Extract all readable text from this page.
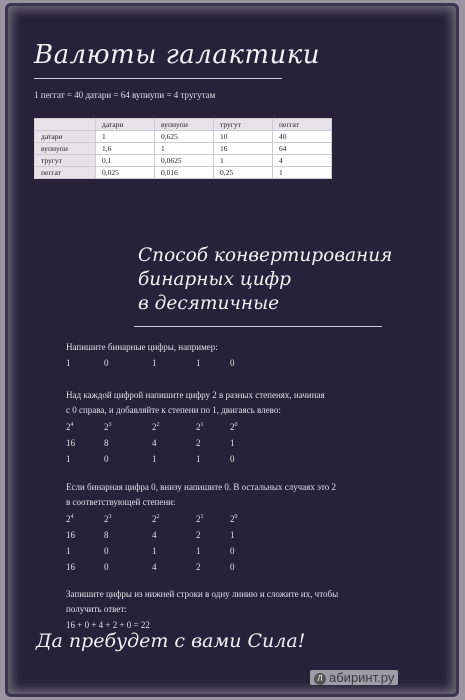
Валюты галактики
1 пеггат = 40 датари = 64 вупиупи = 4 тругутам
	датари	вупиупи	тругут	пеггат
датари	1	0,625	10	40
вупиупи	1,6	1	16	64
тругут	0,1	0,0625	1	4
пеггат	0,025	0,016	0,25	1
Способ конвертирования
бинарных цифр
в десятичные
Напишите бинарные цифры, например:
1	0	1	1	0
Над каждой цифрой напишите цифру 2 в разных степенях, начиная
с 0 справа, и добавляйте к степени по 1, двигаясь влево:
$2^4$	$2^3$	$2^2$	$2^1$	$2^0$
16	8	4	2	1
1	0	1	1	0
Если бинарная цифра 0, внизу напишите 0. В остальных случаях это 2
в соответствующей степени:
$2^4$	$2^3$	$2^2$	$2^1$	$2^0$
16	8	4	2	1
1	0	1	1	0
16	0	4	2	0
Запишите цифры из нижней строки в одну линию и сложите их, чтобы
получить ответ:
16 + 0 + 4 + 2 + 0 = 22
Да пребудет с вами Сила!
Л абиринт.ру
